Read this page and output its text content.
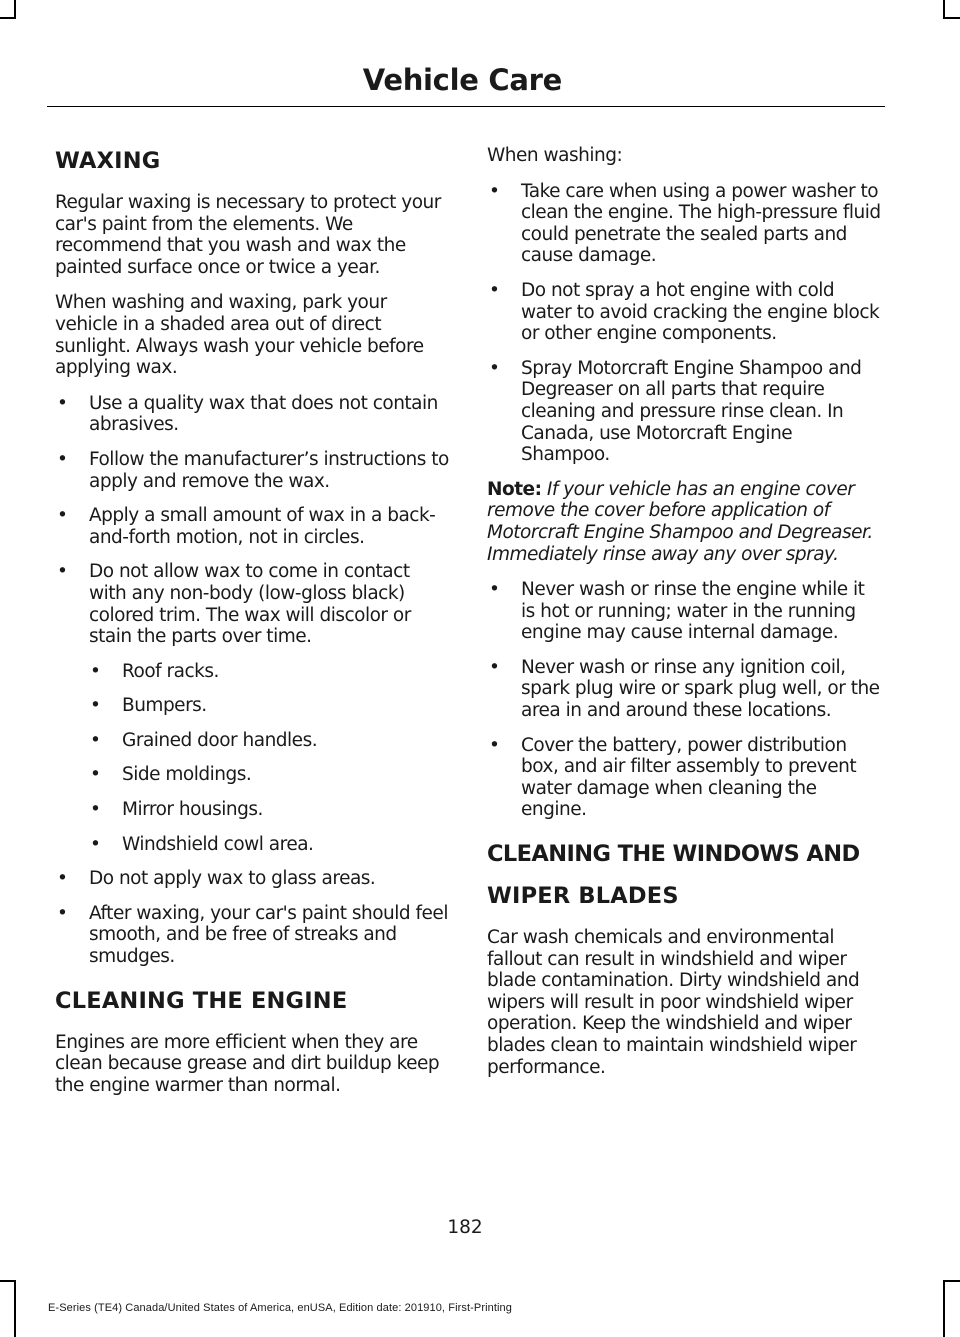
Vehicle Care
WAXING

Regular waxing is necessary to protect your car's paint from the elements. We recommend that you wash and wax the painted surface once or twice a year.

When washing and waxing, park your vehicle in a shaded area out of direct sunlight. Always wash your vehicle before applying wax.

• Use a quality wax that does not contain abrasives.
• Follow the manufacturer’s instructions to apply and remove the wax.
• Apply a small amount of wax in a back-and-forth motion, not in circles.
• Do not allow wax to come in contact with any non-body (low-gloss black) colored trim. The wax will discolor or stain the parts over time.
• Roof racks.
• Bumpers.
• Grained door handles.
• Side moldings.
• Mirror housings.
• Windshield cowl area.
• Do not apply wax to glass areas.
• After waxing, your car's paint should feel smooth, and be free of streaks and smudges.
CLEANING THE ENGINE

Engines are more efficient when they are clean because grease and dirt buildup keep the engine warmer than normal.

When washing:

• Take care when using a power washer to clean the engine. The high-pressure fluid could penetrate the sealed parts and cause damage.
• Do not spray a hot engine with cold water to avoid cracking the engine block or other engine components.
• Spray Motorcraft Engine Shampoo and Degreaser on all parts that require cleaning and pressure rinse clean. In Canada, use Motorcraft Engine Shampoo.

Note: If your vehicle has an engine cover remove the cover before application of Motorcraft Engine Shampoo and Degreaser. Immediately rinse away any over spray.

• Never wash or rinse the engine while it is hot or running; water in the running engine may cause internal damage.
• Never wash or rinse any ignition coil, spark plug wire or spark plug well, or the area in and around these locations.
• Cover the battery, power distribution box, and air filter assembly to prevent water damage when cleaning the engine.
CLEANING THE WINDOWS AND
WIPER BLADES

Car wash chemicals and environmental fallout can result in windshield and wiper blade contamination. Dirty windshield and wipers will result in poor windshield wiper operation. Keep the windshield and wiper blades clean to maintain windshield wiper performance.

182
E-Series (TE4) Canada/United States of America, enUSA, Edition date: 201910, First-Printing
